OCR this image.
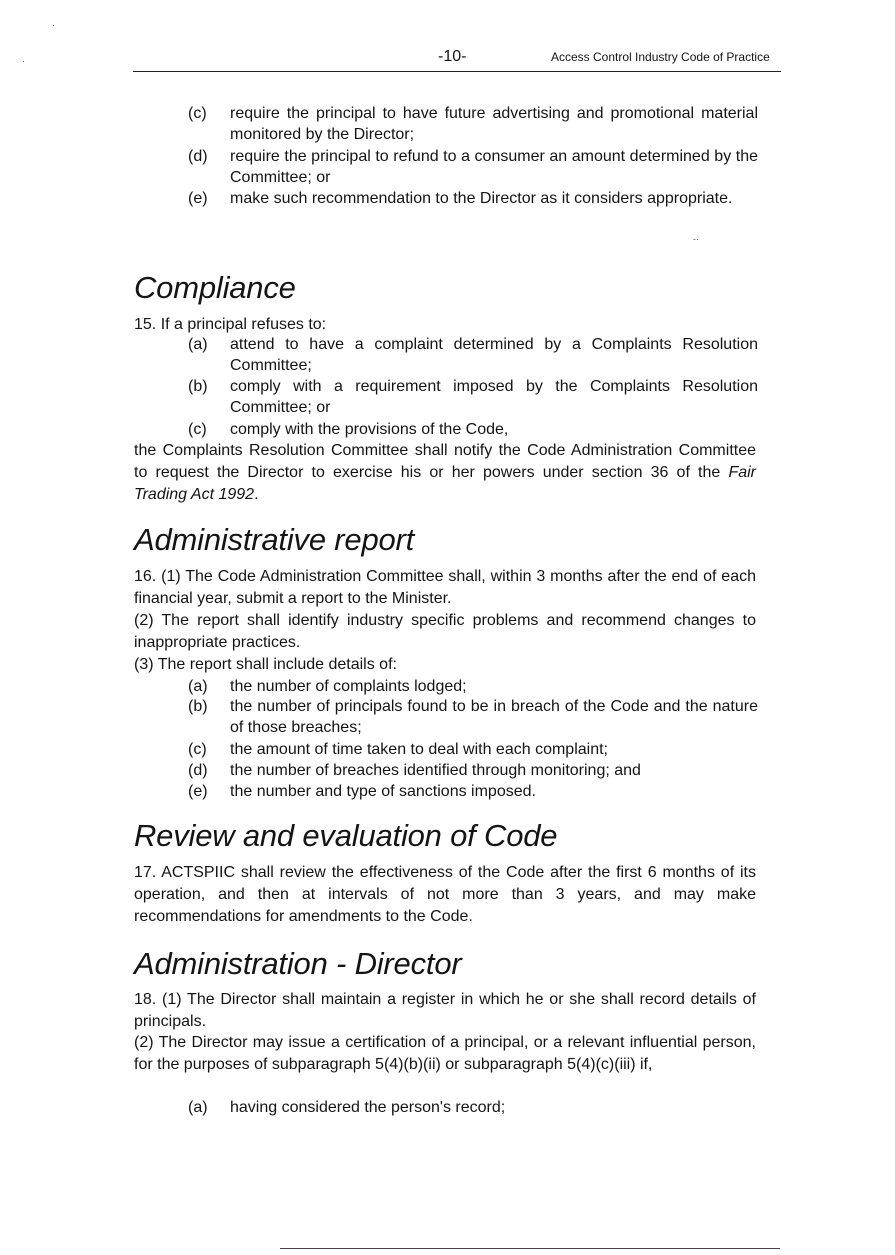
-10-	Access Control Industry Code of Practice
·
·
-·
(c) require the principal to have future advertising and promotional material monitored by the Director;
(d) require the principal to refund to a consumer an amount determined by the Committee; or
(e) make such recommendation to the Director as it considers appropriate.
Compliance
15. If a principal refuses to:
(a) attend to have a complaint determined by a Complaints Resolution Committee;
(b) comply with a requirement imposed by the Complaints Resolution Committee; or
(c) comply with the provisions of the Code,
the Complaints Resolution Committee shall notify the Code Administration Committee to request the Director to exercise his or her powers under section 36 of the Fair Trading Act 1992.
Administrative report
16. (1) The Code Administration Committee shall, within 3 months after the end of each financial year, submit a report to the Minister.
(2) The report shall identify industry specific problems and recommend changes to inappropriate practices.
(3) The report shall include details of:
(a) the number of complaints lodged;
(b) the number of principals found to be in breach of the Code and the nature of those breaches;
(c) the amount of time taken to deal with each complaint;
(d) the number of breaches identified through monitoring; and
(e) the number and type of sanctions imposed.
Review and evaluation of Code
17. ACTSPIIC shall review the effectiveness of the Code after the first 6 months of its operation, and then at intervals of not more than 3 years, and may make recommendations for amendments to the Code.
Administration - Director
18. (1) The Director shall maintain a register in which he or she shall record details of principals.
(2) The Director may issue a certification of a principal, or a relevant influential person, for the purposes of subparagraph 5(4)(b)(ii) or subparagraph 5(4)(c)(iii) if,
(a) having considered the person's record;
